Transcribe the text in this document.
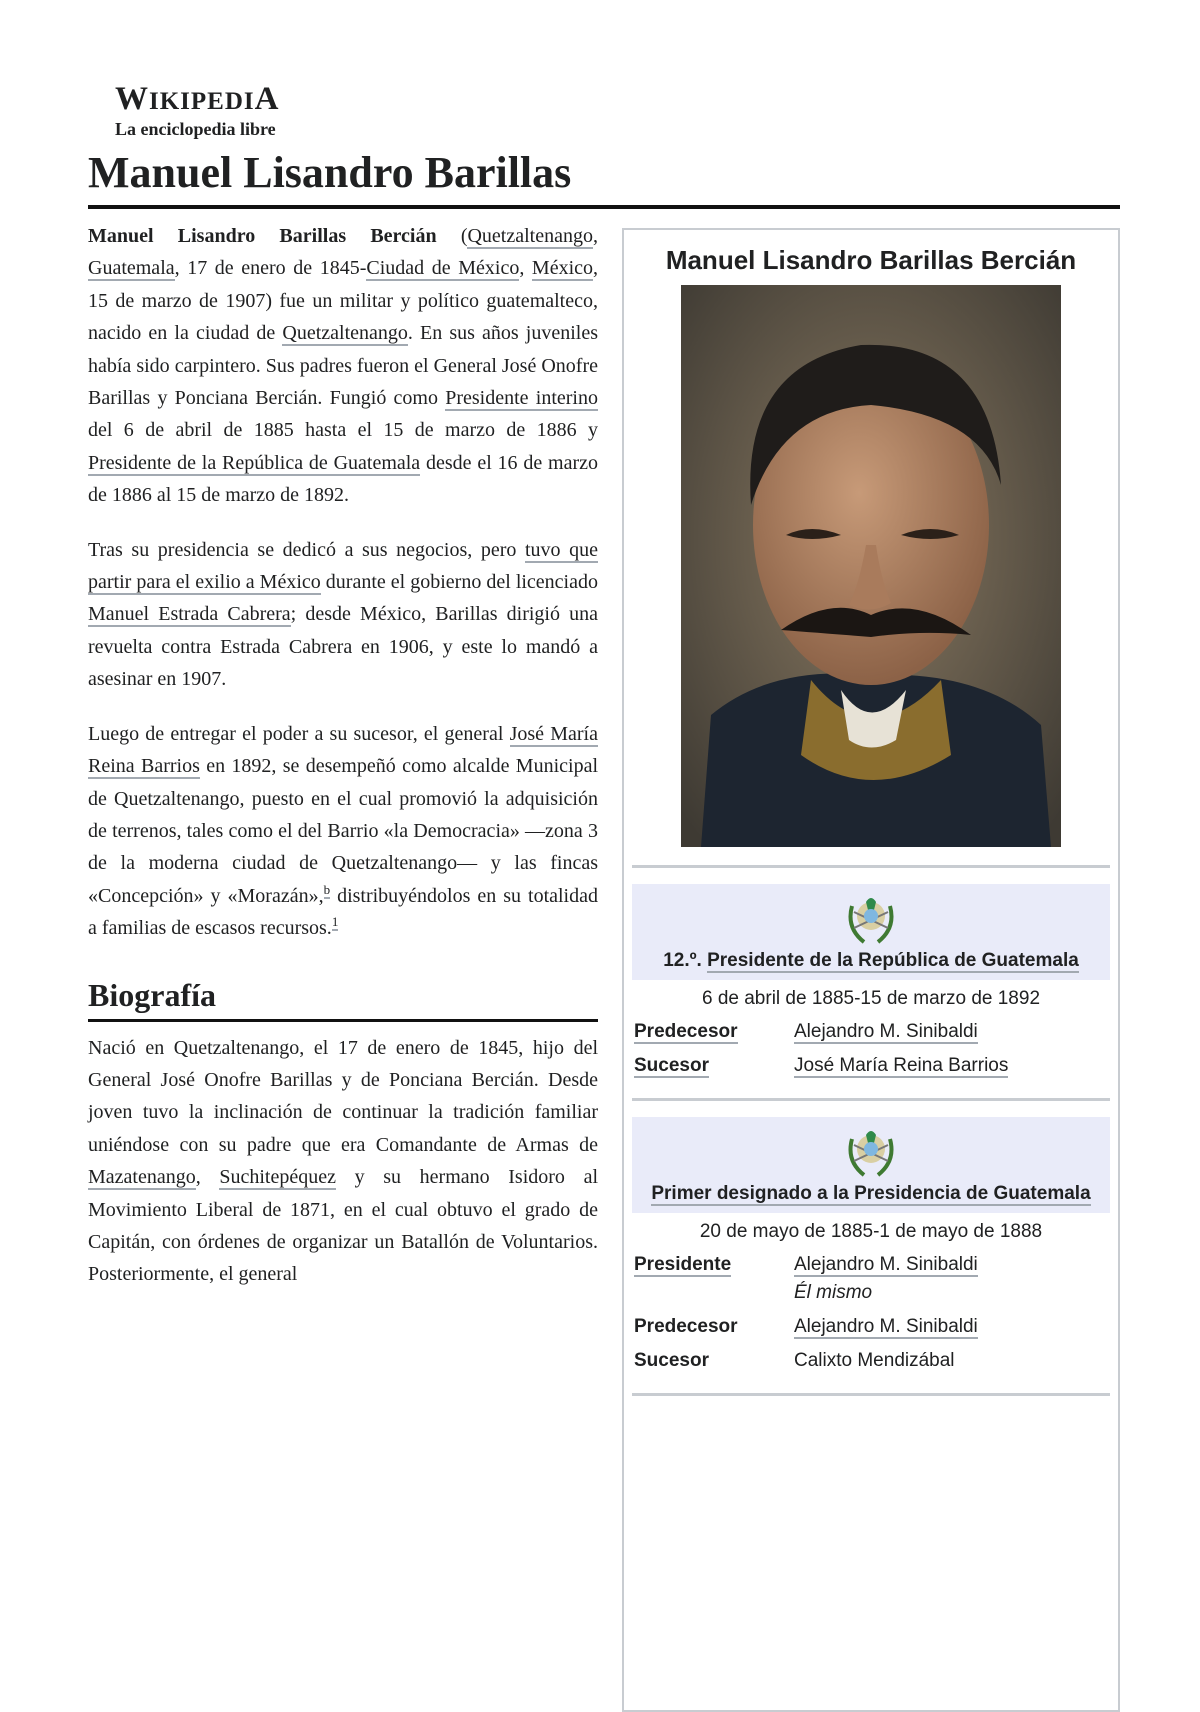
WIKIPEDIA
La enciclopedia libre
Manuel Lisandro Barillas

Manuel Lisandro Barillas Bercián (Quetzaltenango, Guatemala, 17 de enero de 1845-Ciudad de México, México, 15 de marzo de 1907) fue un militar y político guatemalteco, nacido en la ciudad de Quetzaltenango. En sus años juveniles había sido carpintero. Sus padres fueron el General José Onofre Barillas y Ponciana Bercián. Fungió como Presidente interino del 6 de abril de 1885 hasta el 15 de marzo de 1886 y Presidente de la República de Guatemala desde el 16 de marzo de 1886 al 15 de marzo de 1892.

Tras su presidencia se dedicó a sus negocios, pero tuvo que partir para el exilio a México durante el gobierno del licenciado Manuel Estrada Cabrera; desde México, Barillas dirigió una revuelta contra Estrada Cabrera en 1906, y este lo mandó a asesinar en 1907.

Luego de entregar el poder a su sucesor, el general José María Reina Barrios en 1892, se desempeñó como alcalde Municipal de Quetzaltenango, puesto en el cual promovió la adquisición de terrenos, tales como el del Barrio «la Democracia» —zona 3 de la moderna ciudad de Quetzaltenango— y las fincas «Concepción» y «Morazán»,$^b$ distribuyéndolos en su totalidad a familias de escasos recursos.$^1$

Biografía

Nació en Quetzaltenango, el 17 de enero de 1845, hijo del General José Onofre Barillas y de Ponciana Bercián. Desde joven tuvo la inclinación de continuar la tradición familiar uniéndose con su padre que era Comandante de Armas de Mazatenango, Suchitepéquez y su hermano Isidoro al Movimiento Liberal de 1871, en el cual obtuvo el grado de Capitán, con órdenes de organizar un Batallón de Voluntarios. Posteriormente, el general

Manuel Lisandro Barillas Bercián
12.º. Presidente de la República de Guatemala
6 de abril de 1885-15 de marzo de 1892
Predecesor	Alejandro M. Sinibaldi
Sucesor	José María Reina Barrios
Primer designado a la Presidencia de Guatemala
20 de mayo de 1885-1 de mayo de 1888
Presidente	Alejandro M. Sinibaldi
Él mismo
Predecesor	Alejandro M. Sinibaldi
Sucesor	Calixto Mendizábal
